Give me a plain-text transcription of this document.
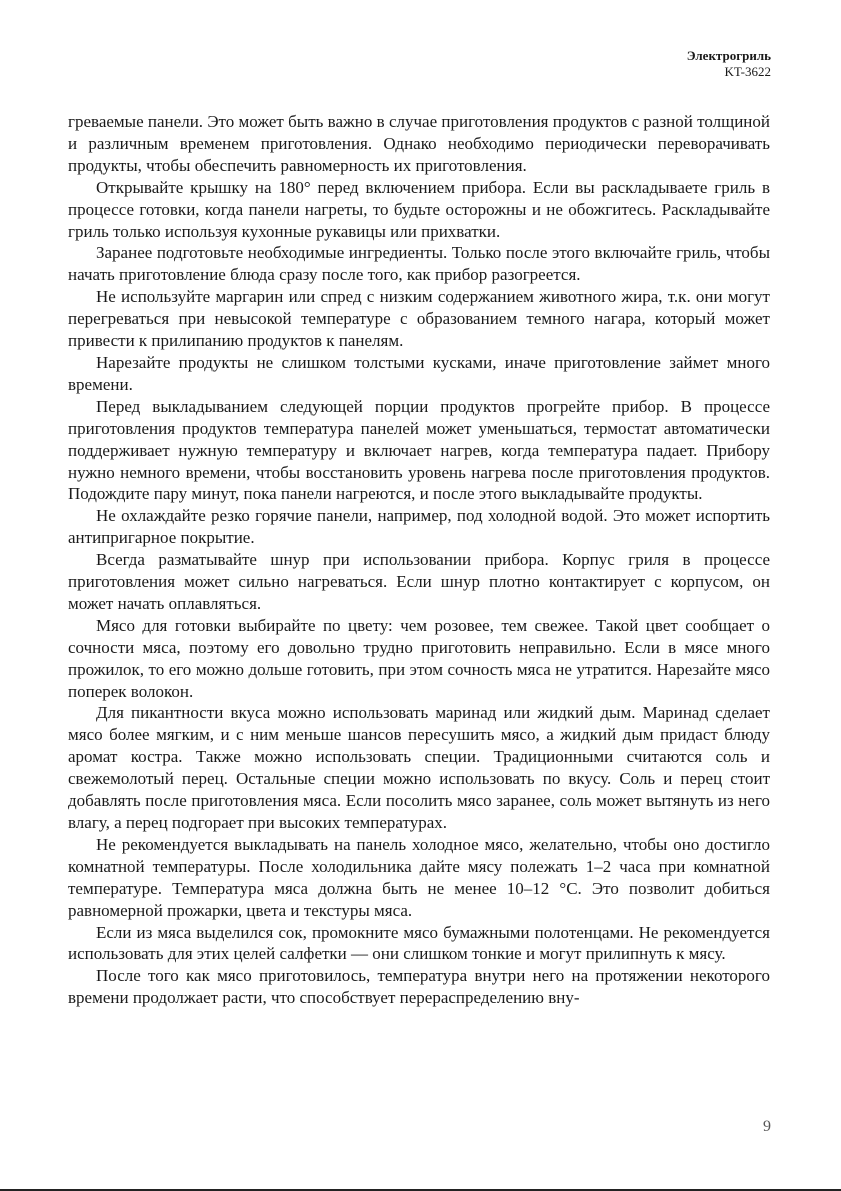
Электрогриль
KT-3622

греваемые панели. Это может быть важно в случае приготовления продуктов с разной толщиной и различным временем приготовления. Однако необходимо периодически переворачивать продукты, чтобы обеспечить равномерность их приготовления.

Открывайте крышку на 180° перед включением прибора. Если вы раскладываете гриль в процессе готовки, когда панели нагреты, то будьте осторожны и не обожгитесь. Раскладывайте гриль только используя кухонные рукавицы или прихватки.

Заранее подготовьте необходимые ингредиенты. Только после этого включайте гриль, чтобы начать приготовление блюда сразу после того, как прибор разогреется.

Не используйте маргарин или спред с низким содержанием животного жира, т.к. они могут перегреваться при невысокой температуре с образованием темного нагара, который может привести к прилипанию продуктов к панелям.

Нарезайте продукты не слишком толстыми кусками, иначе приготовление займет много времени.

Перед выкладыванием следующей порции продуктов прогрейте прибор. В процессе приготовления продуктов температура панелей может уменьшаться, термостат автоматически поддерживает нужную температуру и включает нагрев, когда температура падает. Прибору нужно немного времени, чтобы восстановить уровень нагрева после приготовления продуктов. Подождите пару минут, пока панели нагреются, и после этого выкладывайте продукты.

Не охлаждайте резко горячие панели, например, под холодной водой. Это может испортить антипригарное покрытие.

Всегда разматывайте шнур при использовании прибора. Корпус гриля в процессе приготовления может сильно нагреваться. Если шнур плотно контактирует с корпусом, он может начать оплавляться.

Мясо для готовки выбирайте по цвету: чем розовее, тем свежее. Такой цвет сообщает о сочности мяса, поэтому его довольно трудно приготовить неправильно. Если в мясе много прожилок, то его можно дольше готовить, при этом сочность мяса не утратится. Нарезайте мясо поперек волокон.

Для пикантности вкуса можно использовать маринад или жидкий дым. Маринад сделает мясо более мягким, и с ним меньше шансов пересушить мясо, а жидкий дым придаст блюду аромат костра. Также можно использовать специи. Традиционными считаются соль и свежемолотый перец. Остальные специи можно использовать по вкусу. Соль и перец стоит добавлять после приготовления мяса. Если посолить мясо заранее, соль может вытянуть из него влагу, а перец подгорает при высоких температурах.

Не рекомендуется выкладывать на панель холодное мясо, желательно, чтобы оно достигло комнатной температуры. После холодильника дайте мясу полежать 1–2 часа при комнатной температуре. Температура мяса должна быть не менее 10–12 °С. Это позволит добиться равномерной прожарки, цвета и текстуры мяса.

Если из мяса выделился сок, промокните мясо бумажными полотенцами. Не рекомендуется использовать для этих целей салфетки — они слишком тонкие и могут прилипнуть к мясу.

После того как мясо приготовилось, температура внутри него на протяжении некоторого времени продолжает расти, что способствует перераспределению вну-

9
